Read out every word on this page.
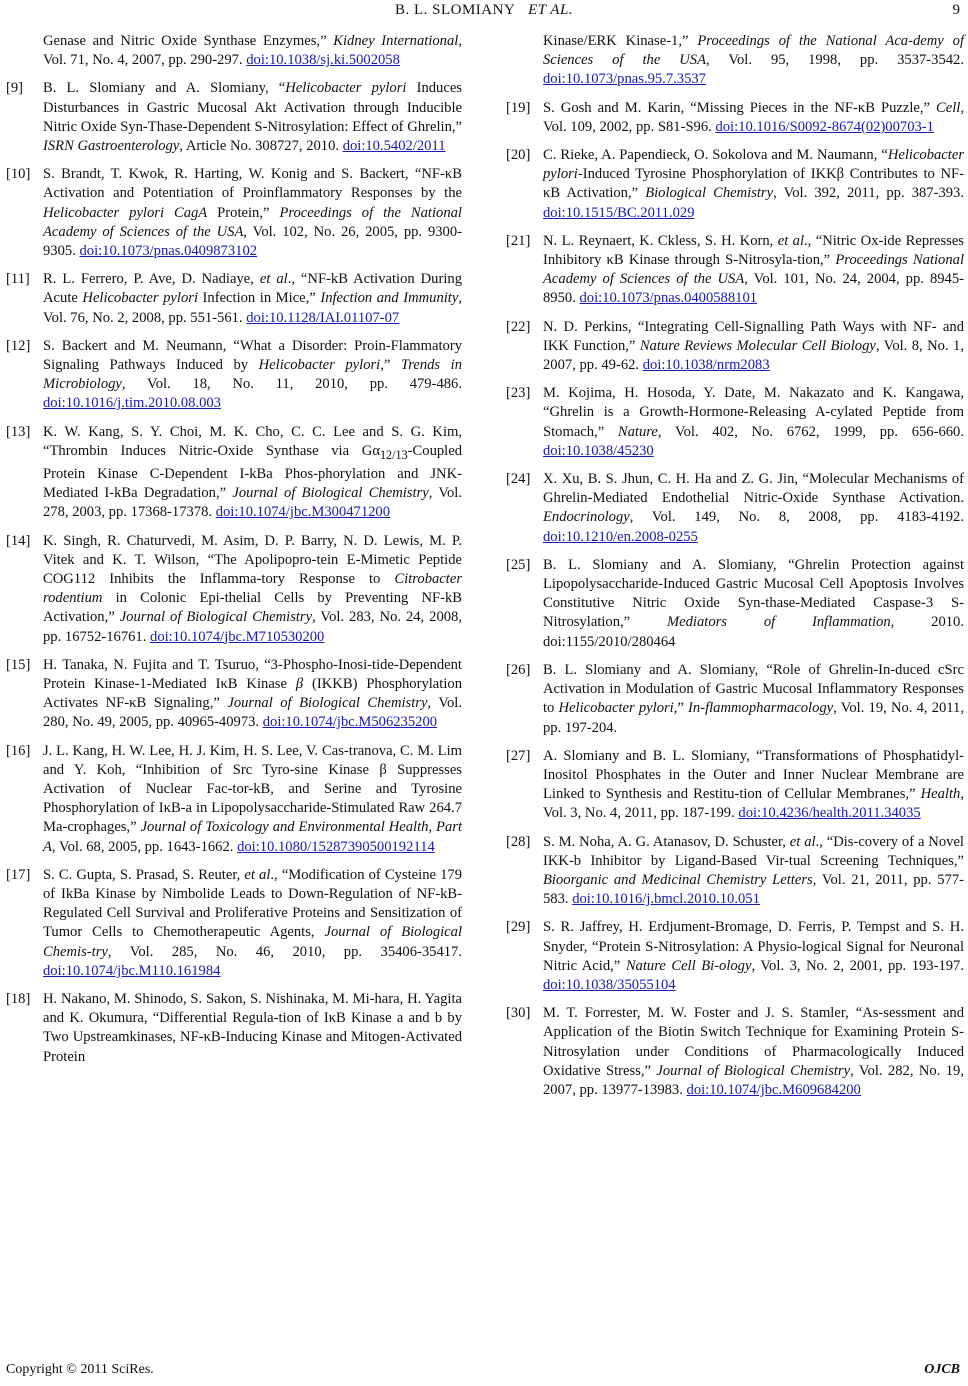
B. L. SLOMIANY ET AL.	9
Genase and Nitric Oxide Synthase Enzymes,” Kidney International, Vol. 71, No. 4, 2007, pp. 290-297. doi:10.1038/sj.ki.5002058
[9] B. L. Slomiany and A. Slomiany, “Helicobacter pylori Induces Disturbances in Gastric Mucosal Akt Activation through Inducible Nitric Oxide Syn-Thase-Dependent S-Nitrosylation: Effect of Ghrelin,” ISRN Gastroenterology, Article No. 308727, 2010. doi:10.5402/2011
[10] S. Brandt, T. Kwok, R. Harting, W. Konig and S. Backert, “NF-κB Activation and Potentiation of Proinflammatory Responses by the Helicobacter pylori CagA Protein,” Proceedings of the National Academy of Sciences of the USA, Vol. 102, No. 26, 2005, pp. 9300-9305. doi:10.1073/pnas.0409873102
[11] R. L. Ferrero, P. Ave, D. Nadiaye, et al., “NF-kB Activation During Acute Helicobacter pylori Infection in Mice,” Infection and Immunity, Vol. 76, No. 2, 2008, pp. 551-561. doi:10.1128/IAI.01107-07
[12] S. Backert and M. Neumann, “What a Disorder: Proin-Flammatory Signaling Pathways Induced by Helicobacter pylori,” Trends in Microbiology, Vol. 18, No. 11, 2010, pp. 479-486. doi:10.1016/j.tim.2010.08.003
[13] K. W. Kang, S. Y. Choi, M. K. Cho, C. C. Lee and S. G. Kim, “Thrombin Induces Nitric-Oxide Synthase via $G\alpha_{12/13}$-Coupled Protein Kinase C-Dependent I-kBa Phos-phorylation and JNK-Mediated I-kBa Degradation,” Journal of Biological Chemistry, Vol. 278, 2003, pp. 17368-17378. doi:10.1074/jbc.M300471200
[14] K. Singh, R. Chaturvedi, M. Asim, D. P. Barry, N. D. Lewis, M. P. Vitek and K. T. Wilson, “The Apolipopro-tein E-Mimetic Peptide COG112 Inhibits the Inflamma-tory Response to Citrobacter rodentium in Colonic Epi-thelial Cells by Preventing NF-kB Activation,” Journal of Biological Chemistry, Vol. 283, No. 24, 2008, pp. 16752-16761. doi:10.1074/jbc.M710530200
[15] H. Tanaka, N. Fujita and T. Tsuruo, “3-Phospho-Inosi-tide-Dependent Protein Kinase-1-Mediated IκB Kinase β (IKKB) Phosphorylation Activates NF-κB Signaling,” Journal of Biological Chemistry, Vol. 280, No. 49, 2005, pp. 40965-40973. doi:10.1074/jbc.M506235200
[16] J. L. Kang, H. W. Lee, H. J. Kim, H. S. Lee, V. Cas-tranova, C. M. Lim and Y. Koh, “Inhibition of Src Tyro-sine Kinase β Suppresses Activation of Nuclear Fac-tor-kB, and Serine and Tyrosine Phosphorylation of IκB-a in Lipopolysaccharide-Stimulated Raw 264.7 Ma-crophages,” Journal of Toxicology and Environmental Health, Part A, Vol. 68, 2005, pp. 1643-1662. doi:10.1080/15287390500192114
[17] S. C. Gupta, S. Prasad, S. Reuter, et al., “Modification of Cysteine 179 of IkBa Kinase by Nimbolide Leads to Down-Regulation of NF-kB-Regulated Cell Survival and Proliferative Proteins and Sensitization of Tumor Cells to Chemotherapeutic Agents, Journal of Biological Chemis-try, Vol. 285, No. 46, 2010, pp. 35406-35417. doi:10.1074/jbc.M110.161984
[18] H. Nakano, M. Shinodo, S. Sakon, S. Nishinaka, M. Mi-hara, H. Yagita and K. Okumura, “Differential Regula-tion of IκB Kinase a and b by Two Upstreamkinases, NF-κB-Inducing Kinase and Mitogen-Activated Protein
Kinase/ERK Kinase-1,” Proceedings of the National Aca-demy of Sciences of the USA, Vol. 95, 1998, pp. 3537-3542. doi:10.1073/pnas.95.7.3537
[19] S. Gosh and M. Karin, “Missing Pieces in the NF-κB Puzzle,” Cell, Vol. 109, 2002, pp. S81-S96. doi:10.1016/S0092-8674(02)00703-1
[20] C. Rieke, A. Papendieck, O. Sokolova and M. Naumann, “Helicobacter pylori-Induced Tyrosine Phosphorylation of IKKβ Contributes to NF-κB Activation,” Biological Chemistry, Vol. 392, 2011, pp. 387-393. doi:10.1515/BC.2011.029
[21] N. L. Reynaert, K. Ckless, S. H. Korn, et al., “Nitric Ox-ide Represses Inhibitory κB Kinase through S-Nitrosyla-tion,” Proceedings National Academy of Sciences of the USA, Vol. 101, No. 24, 2004, pp. 8945-8950. doi:10.1073/pnas.0400588101
[22] N. D. Perkins, “Integrating Cell-Signalling Path Ways with NF- and IKK Function,” Nature Reviews Molecular Cell Biology, Vol. 8, No. 1, 2007, pp. 49-62. doi:10.1038/nrm2083
[23] M. Kojima, H. Hosoda, Y. Date, M. Nakazato and K. Kangawa, “Ghrelin is a Growth-Hormone-Releasing A-cylated Peptide from Stomach,” Nature, Vol. 402, No. 6762, 1999, pp. 656-660. doi:10.1038/45230
[24] X. Xu, B. S. Jhun, C. H. Ha and Z. G. Jin, “Molecular Mechanisms of Ghrelin-Mediated Endothelial Nitric-Oxide Synthase Activation. Endocrinology, Vol. 149, No. 8, 2008, pp. 4183-4192. doi:10.1210/en.2008-0255
[25] B. L. Slomiany and A. Slomiany, “Ghrelin Protection against Lipopolysaccharide-Induced Gastric Mucosal Cell Apoptosis Involves Constitutive Nitric Oxide Syn-thase-Mediated Caspase-3 S-Nitrosylation,” Mediators of Inflammation, 2010. doi:1155/2010/280464
[26] B. L. Slomiany and A. Slomiany, “Role of Ghrelin-In-duced cSrc Activation in Modulation of Gastric Mucosal Inflammatory Responses to Helicobacter pylori,” In-flammopharmacology, Vol. 19, No. 4, 2011, pp. 197-204.
[27] A. Slomiany and B. L. Slomiany, “Transformations of Phosphatidyl-Inositol Phosphates in the Outer and Inner Nuclear Membrane are Linked to Synthesis and Restitu-tion of Cellular Membranes,” Health, Vol. 3, No. 4, 2011, pp. 187-199. doi:10.4236/health.2011.34035
[28] S. M. Noha, A. G. Atanasov, D. Schuster, et al., “Dis-covery of a Novel IKK-b Inhibitor by Ligand-Based Vir-tual Screening Techniques,” Bioorganic and Medicinal Chemistry Letters, Vol. 21, 2011, pp. 577-583. doi:10.1016/j.bmcl.2010.10.051
[29] S. R. Jaffrey, H. Erdjument-Bromage, D. Ferris, P. Tempst and S. H. Snyder, “Protein S-Nitrosylation: A Physio-logical Signal for Neuronal Nitric Acid,” Nature Cell Bi-ology, Vol. 3, No. 2, 2001, pp. 193-197. doi:10.1038/35055104
[30] M. T. Forrester, M. W. Foster and J. S. Stamler, “As-sessment and Application of the Biotin Switch Technique for Examining Protein S-Nitrosylation under Conditions of Pharmacologically Induced Oxidative Stress,” Journal of Biological Chemistry, Vol. 282, No. 19, 2007, pp. 13977-13983. doi:10.1074/jbc.M609684200
Copyright © 2011 SciRes.	OJCB
